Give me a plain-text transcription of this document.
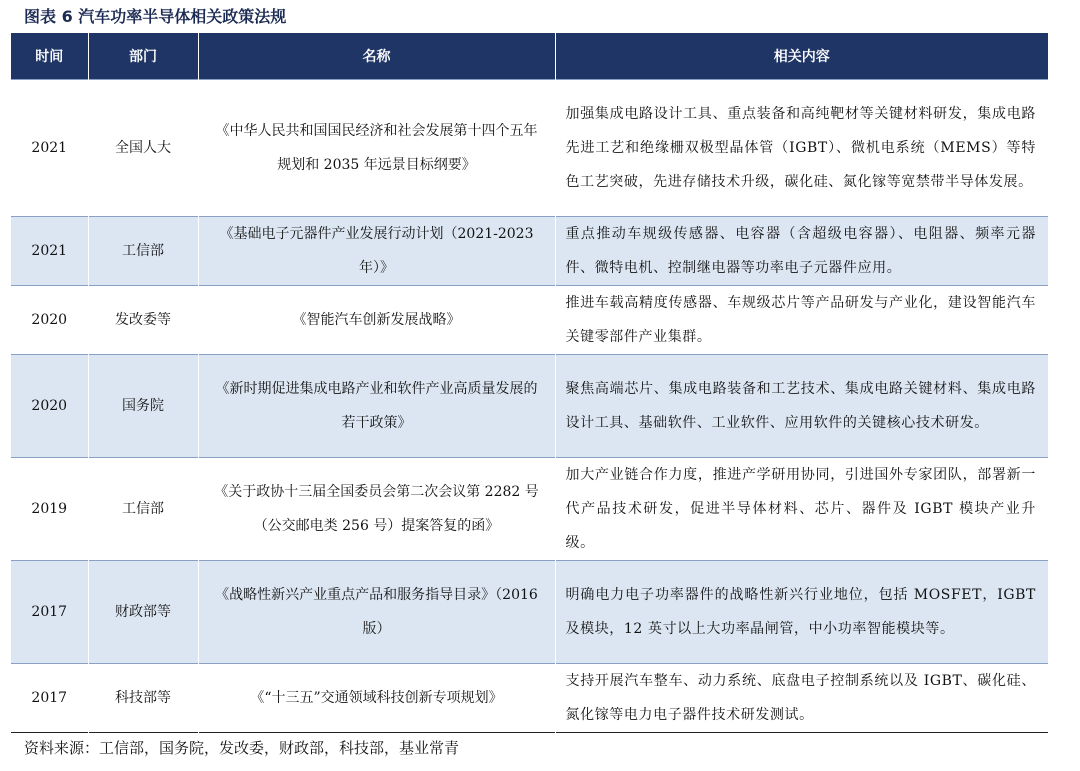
图表 6 汽车功率半导体相关政策法规
时间	部门	名称	相关内容
2021	全国人大	《中华人民共和国国民经济和社会发展第十四个五年规划和 2035 年远景目标纲要》	加强集成电路设计工具、重点装备和高纯靶材等关键材料研发，集成电路先进工艺和绝缘栅双极型晶体管（IGBT）、微机电系统（MEMS）等特色工艺突破，先进存储技术升级，碳化硅、氮化镓等宽禁带半导体发展。
2021	工信部	《基础电子元器件产业发展行动计划（2021-2023 年）》	重点推动车规级传感器、电容器（含超级电容器）、电阻器、频率元器件、微特电机、控制继电器等功率电子元器件应用。
2020	发改委等	《智能汽车创新发展战略》	推进车载高精度传感器、车规级芯片等产品研发与产业化，建设智能汽车关键零部件产业集群。
2020	国务院	《新时期促进集成电路产业和软件产业高质量发展的若干政策》	聚焦高端芯片、集成电路装备和工艺技术、集成电路关键材料、集成电路设计工具、基础软件、工业软件、应用软件的关键核心技术研发。
2019	工信部	《关于政协十三届全国委员会第二次会议第 2282 号（公交邮电类 256 号）提案答复的函》	加大产业链合作力度，推进产学研用协同，引进国外专家团队，部署新一代产品技术研发，促进半导体材料、芯片、器件及 IGBT 模块产业升级。
2017	财政部等	《战略性新兴产业重点产品和服务指导目录》（2016 版）	明确电力电子功率器件的战略性新兴行业地位，包括 MOSFET，IGBT 及模块，12 英寸以上大功率晶闸管，中小功率智能模块等。
2017	科技部等	《“十三五”交通领域科技创新专项规划》	支持开展汽车整车、动力系统、底盘电子控制系统以及 IGBT、碳化硅、氮化镓等电力电子器件技术研发测试。
资料来源：工信部，国务院，发改委，财政部，科技部，基业常青
